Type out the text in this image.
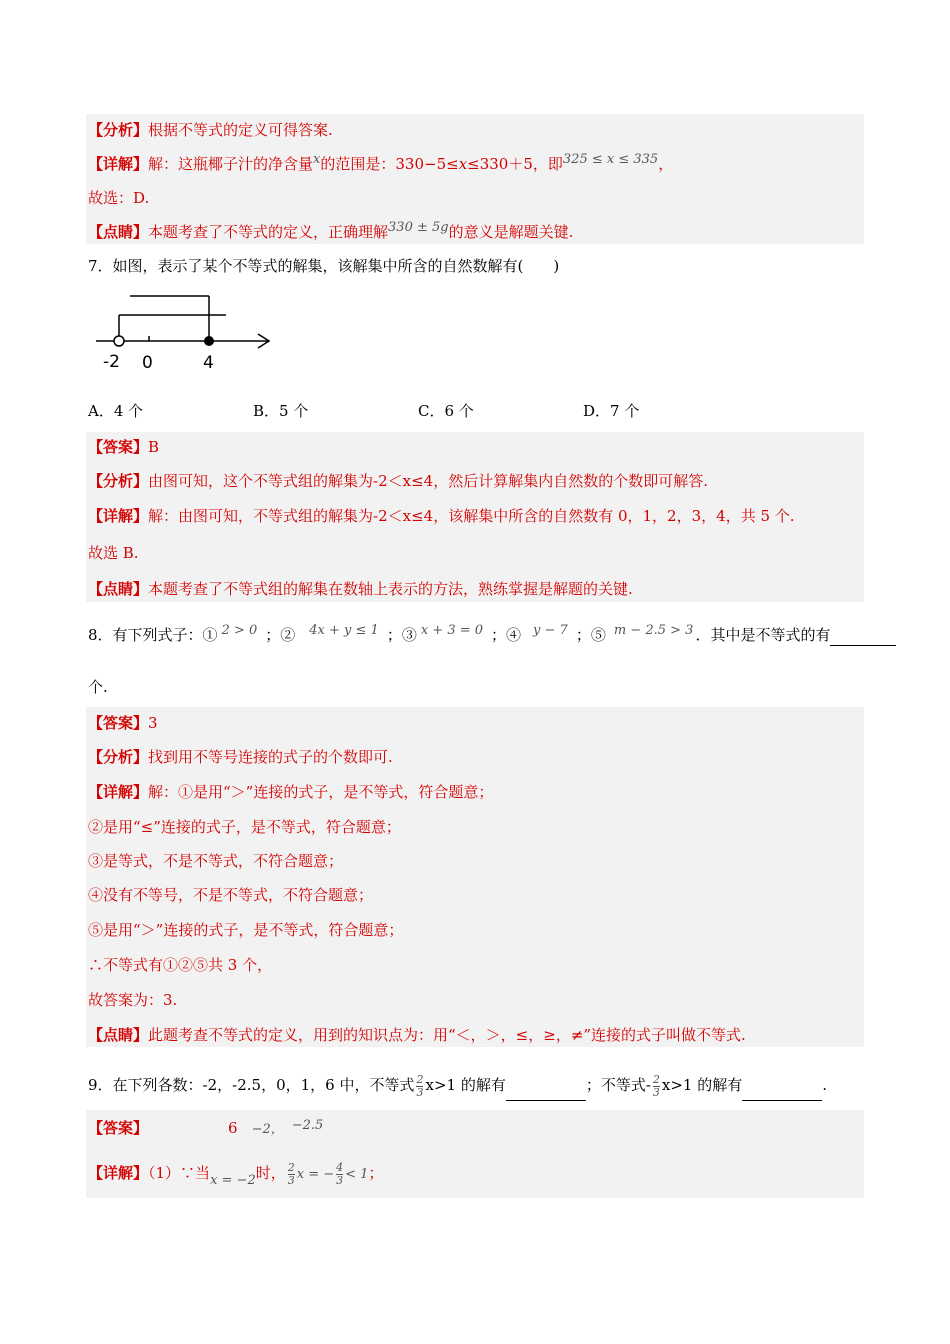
【分析】根据不等式的定义可得答案.
【详解】解：这瓶椰子汁的净含量x的范围是：330−5≤x≤330＋5，即325 ≤ x ≤ 335，
故选：D.
【点睛】本题考查了不等式的定义，正确理解330 ± 5g的意义是解题关键.
7．如图，表示了某个不等式的解集，该解集中所含的自然数解有(　　)
-2 0	4
A．4 个	B．5 个	C．6 个	D．7 个
【答案】B
【分析】由图可知，这个不等式组的解集为-2＜x≤4，然后计算解集内自然数的个数即可解答.
【详解】解：由图可知，不等式组的解集为-2＜x≤4，该解集中所含的自然数有 0，1，2，3，4，共 5 个.
故选 B.
【点睛】本题考查了不等式组的解集在数轴上表示的方法，熟练掌握是解题的关键.
8．有下列式子：① 2 > 0 ；② 4x + y ≤ 1 ；③ x + 3 = 0 ；④ y − 7 ；⑤ m − 2.5 > 3 ．其中是不等式的有
个.
【答案】3
【分析】找到用不等号连接的式子的个数即可.
【详解】解：①是用“＞”连接的式子，是不等式，符合题意；
②是用“≤”连接的式子，是不等式，符合题意；
③是等式，不是不等式，不符合题意；
④没有不等号，不是不等式，不符合题意；
⑤是用“＞”连接的式子，是不等式，符合题意；
∴不等式有①②⑤共 3 个，
故答案为：3.
【点睛】此题考查不等式的定义，用到的知识点为：用“＜，＞，≤，≥，≠”连接的式子叫做不等式.
9．在下列各数：-2，-2.5，0，1，6 中，不等式 $\frac{2}{3} x>1$ 的解有	；不等式- $\frac{2}{3} x>1$ 的解有	.
【答案】	6 −2， −2.5
【详解】（1）∵当x = −2时， $\frac{2}{3}$ x = − $\frac{4}{3} < 1$；
